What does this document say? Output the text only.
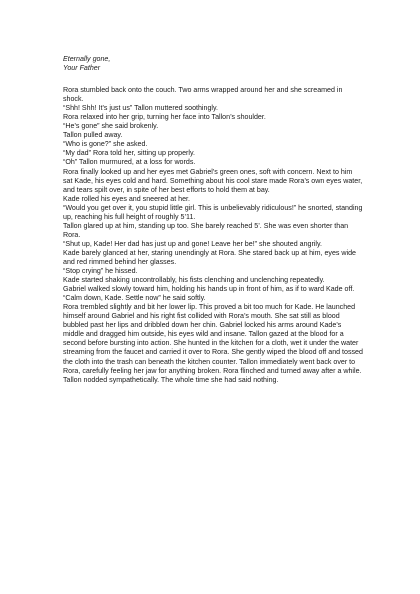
Eternally gone,

Your Father

Rora stumbled back onto the couch. Two arms wrapped around her and she screamed in shock.

“Shh! Shh! It’s just us” Tallon muttered soothingly.

Rora relaxed into her grip, turning her face into Tallon’s shoulder.

“He’s gone” she said brokenly.

Tallon pulled away.

“Who is gone?” she asked.

“My dad” Rora told her, sitting up properly.

“Oh” Tallon murmured, at a loss for words.

Rora finally looked up and her eyes met Gabriel’s green ones, soft with concern. Next to him sat Kade, his eyes cold and hard. Something about his cool stare made Rora’s own eyes water, and tears spilt over, in spite of her best efforts to hold them at bay.

Kade rolled his eyes and sneered at her.

“Would you get over it, you stupid little girl. This is unbelievably ridiculous!” he snorted, standing up, reaching his full height of roughly 5’11.

Tallon glared up at him, standing up too. She barely reached 5’. She was even shorter than Rora.

“Shut up, Kade! Her dad has just up and gone! Leave her be!” she shouted angrily.

Kade barely glanced at her, staring unendingly at Rora. She stared back up at him, eyes wide and red rimmed behind her glasses.

“Stop crying” he hissed.

Kade started shaking uncontrollably, his fists clenching and unclenching repeatedly.

Gabriel walked slowly toward him, holding his hands up in front of him, as if to ward Kade off.

“Calm down, Kade. Settle now” he said softly.

Rora trembled slightly and bit her lower lip. This proved a bit too much for Kade. He launched himself around Gabriel and his right fist collided with Rora’s mouth. She sat still as blood bubbled past her lips and dribbled down her chin. Gabriel locked his arms around Kade’s middle and dragged him outside, his eyes wild and insane. Tallon gazed at the blood for a second before bursting into action. She hunted in the kitchen for a cloth, wet it under the water streaming from the faucet and carried it over to Rora. She gently wiped the blood off and tossed the cloth into the trash can beneath the kitchen counter. Tallon immediately went back over to Rora, carefully feeling her jaw for anything broken. Rora flinched and turned away after a while. Tallon nodded sympathetically. The whole time she had said nothing.
